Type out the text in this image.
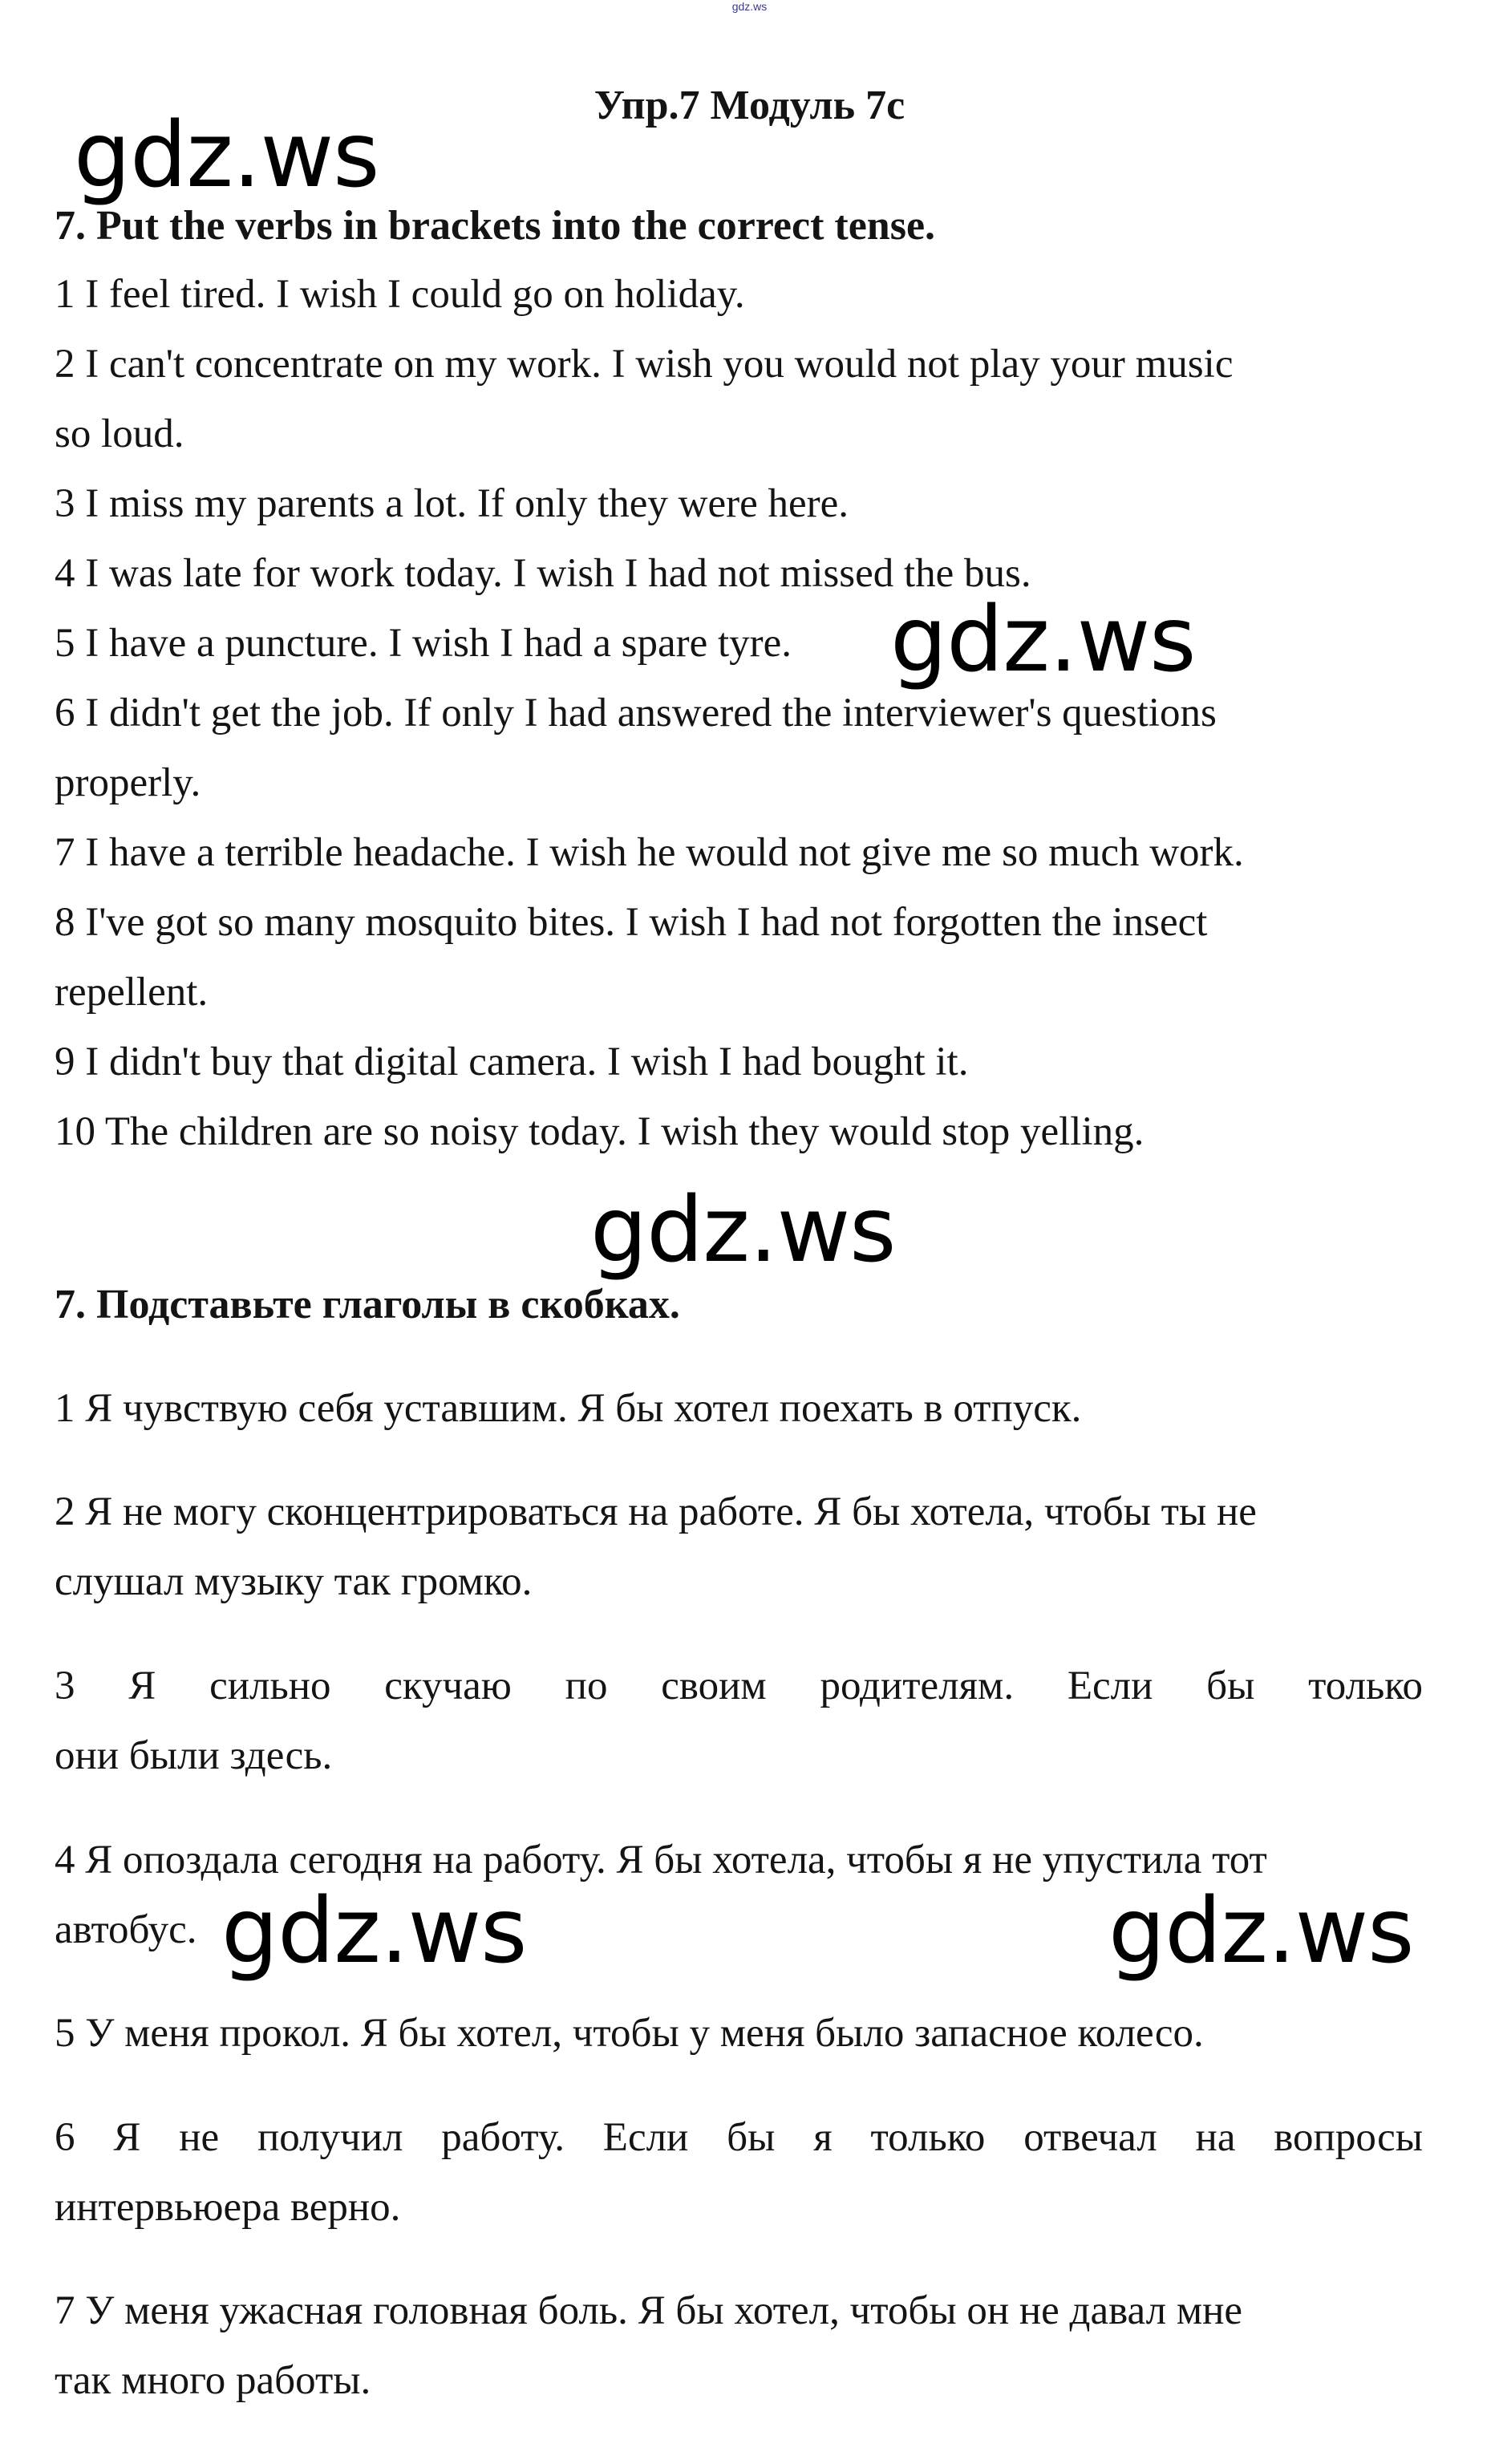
gdz.ws
Упр.7 Модуль 7c
7. Put the verbs in brackets into the correct tense.
1 I feel tired. I wish I could go on holiday.
2 I can't concentrate on my work. I wish you would not play your music
so loud.
3 I miss my parents a lot. If only they were here.
4 I was late for work today. I wish I had not missed the bus.
5 I have a puncture. I wish I had a spare tyre.
6 I didn't get the job. If only I had answered the interviewer's questions
properly.
7 I have a terrible headache. I wish he would not give me so much work.
8 I've got so many mosquito bites. I wish I had not forgotten the insect
repellent.
9 I didn't buy that digital camera. I wish I had bought it.
10 The children are so noisy today. I wish they would stop yelling.
7. Подставьте глаголы в скобках.
1 Я чувствую себя уставшим. Я бы хотел поехать в отпуск.
2 Я не могу сконцентрироваться на работе. Я бы хотела, чтобы ты не
слушал музыку так громко.
3 Я сильно скучаю по своим родителям. Если бы только
они были здесь.
4 Я опоздала сегодня на работу. Я бы хотела, чтобы я не упустила тот
автобус.
5 У меня прокол. Я бы хотел, чтобы у меня было запасное колесо.
6 Я не получил работу. Если бы я только отвечал на вопросы
интервьюера верно.
7 У меня ужасная головная боль. Я бы хотел, чтобы он не давал мне
так много работы.
gdz.ws
gdz.ws
gdz.ws
gdz.ws	gdz.ws
